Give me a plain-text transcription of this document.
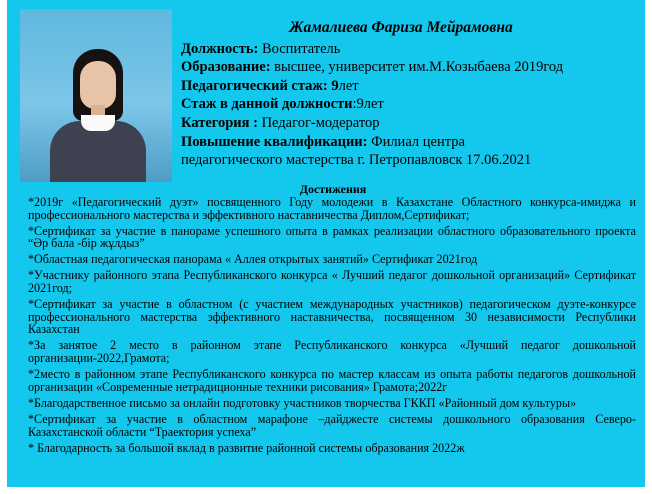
Жамалиева Фариза Мейрамовна
Должность: Воспитатель
Образование: высшее, университет им.М.Козыбаева 2019год
Педагогический стаж: 9лет
Стаж в данной должности:9лет
Категория : Педагог-модератор
Повышение квалификации: Филиал центра
педагогического мастерства г. Петропавловск 17.06.2021
Достижения
*2019г «Педагогический дуэт» посвященного Году молодежи в Казахстане Областного конкурса-имиджа и профессионального мастерства и эффективного наставничества Диплом,Сертификат;
*Сертификат за участие в панораме успешного опыта в рамках реализации областного образовательного проекта “Әр бала -бір жұлдыз”
*Областная педагогическая панорама « Аллея открытых занятий» Сертификат 2021год
*Участнику районного этапа Республиканского конкурса « Лучший педагог дошкольной организаций» Сертификат 2021год;
*Сертификат за участие в областном (с участием международных участников) педагогическом дуэте-конкурсе профессионального мастерства эффективного наставничества, посвященном 30 независимости Республики Казахстан
*За занятое 2 место в районном этапе Республиканского конкурса «Лучший педагог дошкольной организации-2022,Грамота;
*2место в районном этапе Республиканского конкурса по мастер классам из опыта работы педагогов дошкольной организации «Современные нетрадиционные техники рисования» Грамота;2022г
*Благодарственное письмо за онлайн подготовку участников творчества ГККП «Районный дом культуры»
*Сертификат за участие в областном марафоне –дайджесте системы дошкольного образования Северо-Казахстанской области “Траектория успеха”
* Благодарность за большой вклад в развитие районной системы образования 2022ж
